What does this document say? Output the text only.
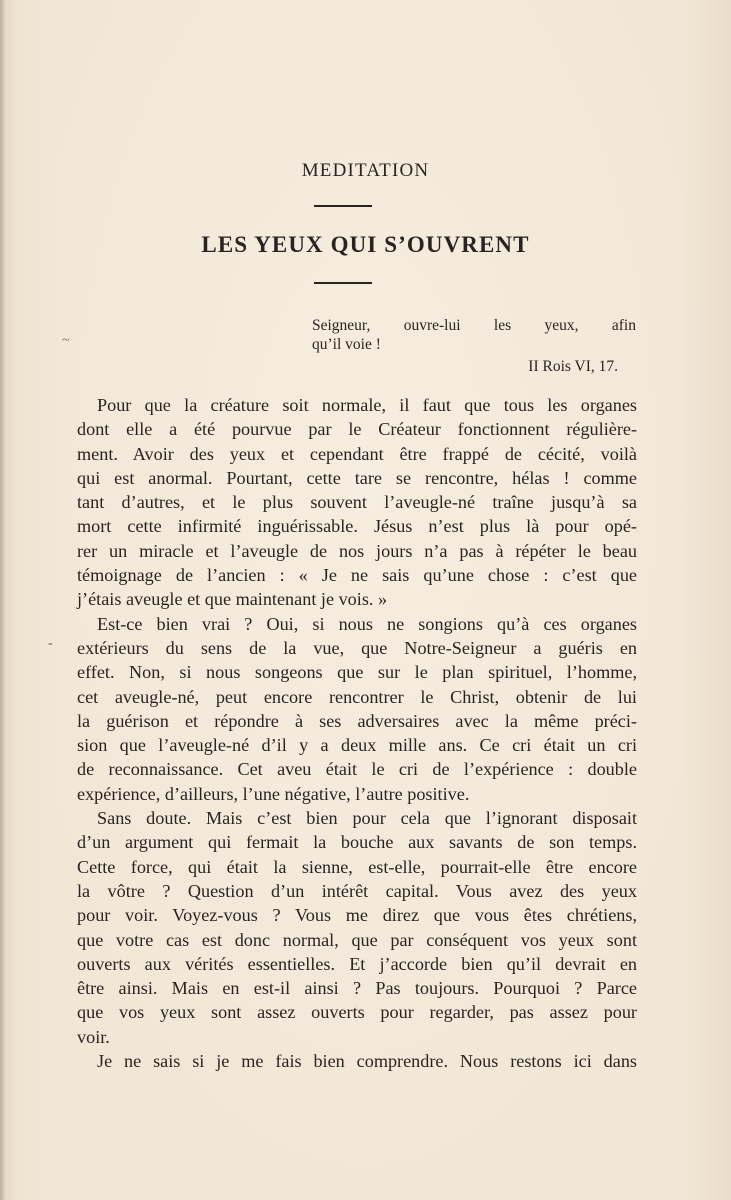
~
-
MEDITATION
LES YEUX QUI S’OUVRENT
Seigneur, ouvre-lui les yeux, afin
qu’il voie !
II Rois VI, 17.

Pour que la créature soit normale, il faut que tous les organes
dont elle a été pourvue par le Créateur fonctionnent régulière-
ment. Avoir des yeux et cependant être frappé de cécité, voilà
qui est anormal. Pourtant, cette tare se rencontre, hélas ! comme
tant d’autres, et le plus souvent l’aveugle-né traîne jusqu’à sa
mort cette infirmité inguérissable. Jésus n’est plus là pour opé-
rer un miracle et l’aveugle de nos jours n’a pas à répéter le beau
témoignage de l’ancien : « Je ne sais qu’une chose : c’est que
j’étais aveugle et que maintenant je vois. »

Est-ce bien vrai ? Oui, si nous ne songions qu’à ces organes
extérieurs du sens de la vue, que Notre-Seigneur a guéris en
effet. Non, si nous songeons que sur le plan spirituel, l’homme,
cet aveugle-né, peut encore rencontrer le Christ, obtenir de lui
la guérison et répondre à ses adversaires avec la même préci-
sion que l’aveugle-né d’il y a deux mille ans. Ce cri était un cri
de reconnaissance. Cet aveu était le cri de l’expérience : double
expérience, d’ailleurs, l’une négative, l’autre positive.

Sans doute. Mais c’est bien pour cela que l’ignorant disposait
d’un argument qui fermait la bouche aux savants de son temps.
Cette force, qui était la sienne, est-elle, pourrait-elle être encore
la vôtre ? Question d’un intérêt capital. Vous avez des yeux
pour voir. Voyez-vous ? Vous me direz que vous êtes chrétiens,
que votre cas est donc normal, que par conséquent vos yeux sont
ouverts aux vérités essentielles. Et j’accorde bien qu’il devrait en
être ainsi. Mais en est-il ainsi ? Pas toujours. Pourquoi ? Parce
que vos yeux sont assez ouverts pour regarder, pas assez pour
voir.

Je ne sais si je me fais bien comprendre. Nous restons ici dans
